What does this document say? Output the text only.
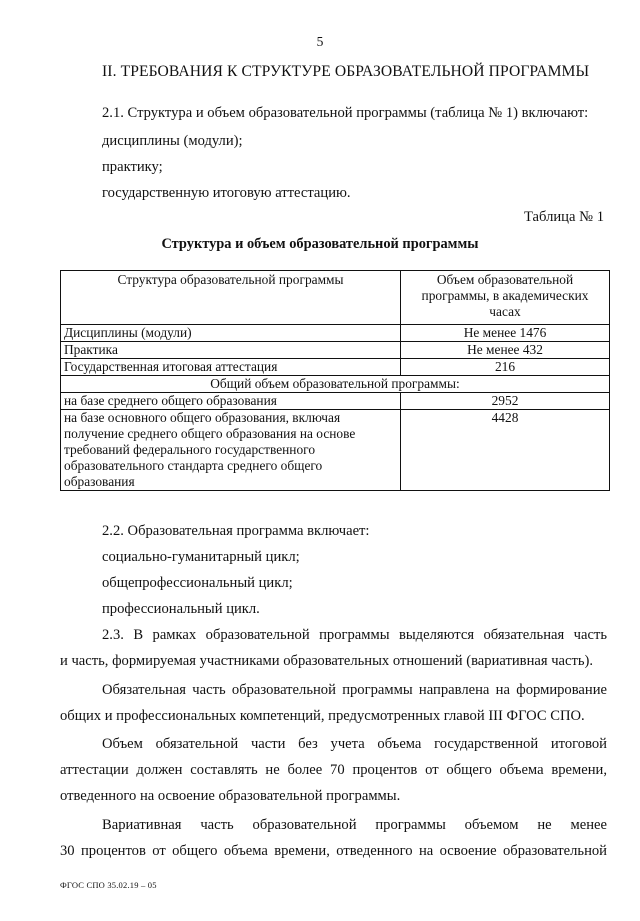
5
II. ТРЕБОВАНИЯ К СТРУКТУРЕ ОБРАЗОВАТЕЛЬНОЙ ПРОГРАММЫ
2.1. Структура и объем образовательной программы (таблица № 1) включают:
дисциплины (модули);
практику;
государственную итоговую аттестацию.
Таблица № 1
Структура и объем образовательной программы
Структура образовательной программы	Объем образовательной
программы, в академических
часах
Дисциплины (модули)	Не менее 1476
Практика	Не менее 432
Государственная итоговая аттестация	216
Общий объем образовательной программы:	
на базе среднего общего образования	2952
на базе основного общего образования, включая
получение среднего общего образования на основе
требований федерального государственного
образовательного стандарта среднего общего
образования	4428
2.2. Образовательная программа включает:
социально-гуманитарный цикл;
общепрофессиональный цикл;
профессиональный цикл.
2.3. В рамках образовательной программы выделяются обязательная часть
и часть, формируемая участниками образовательных отношений (вариативная часть).
Обязательная часть образовательной программы направлена на формирование
общих и профессиональных компетенций, предусмотренных главой III ФГОС СПО.
Объем обязательной части без учета объема государственной итоговой
аттестации должен составлять не более 70 процентов от общего объема времени,
отведенного на освоение образовательной программы.
Вариативная часть образовательной программы объемом не менее
30 процентов от общего объема времени, отведенного на освоение образовательной
ФГОС СПО 35.02.19 – 05
